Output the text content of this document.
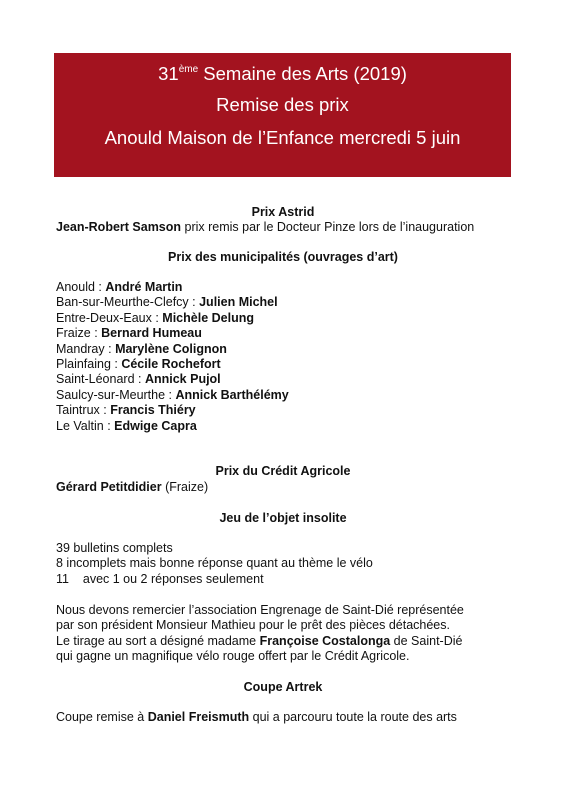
31ème Semaine des Arts (2019)
Remise des prix
Anould Maison de l’Enfance mercredi 5 juin
Prix Astrid
Jean-Robert Samson prix remis par le Docteur Pinze lors de l’inauguration
Prix des municipalités (ouvrages d’art)
Anould : André Martin
Ban-sur-Meurthe-Clefcy : Julien Michel
Entre-Deux-Eaux : Michèle Delung
Fraize : Bernard Humeau
Mandray : Marylène Colignon
Plainfaing : Cécile Rochefort
Saint-Léonard : Annick Pujol
Saulcy-sur-Meurthe : Annick Barthélémy
Taintrux : Francis Thiéry
Le Valtin : Edwige Capra
Prix du Crédit Agricole
Gérard Petitdidier (Fraize)
Jeu de l’objet insolite
39 bulletins complets
8 incomplets mais bonne réponse quant au thème le vélo
11    avec 1 ou 2 réponses seulement
Nous devons remercier l’association Engrenage de Saint-Dié représentée
par son président Monsieur Mathieu pour le prêt des pièces détachées.
Le tirage au sort a désigné madame Françoise Costalonga de Saint-Dié
qui gagne un magnifique vélo rouge offert par le Crédit Agricole.
Coupe Artrek
Coupe remise à Daniel Freismuth qui a parcouru toute la route des arts
